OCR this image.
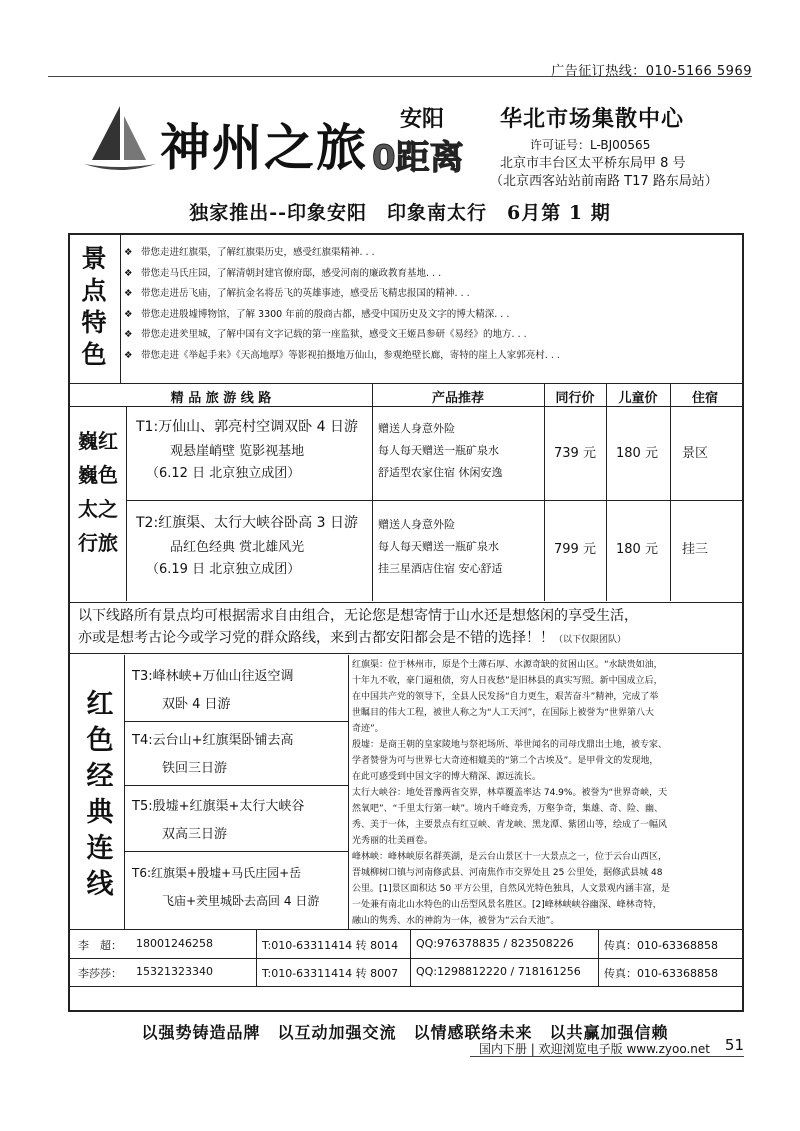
广告征订热线：010-5166 5969
神州之旅 安阳
0距离
华北市场集散中心
许可证号：L-BJ00565
北京市丰台区太平桥东局甲 8 号
（北京西客站站前南路 T17 路东局站）
独家推出--印象安阳　印象南太行　6月第 1 期
景
点
特
色
❖ 带您走进红旗渠，了解红旗渠历史，感受红旗渠精神. . .
❖ 带您走马氏庄园，了解清朝封建官僚府邸，感受河南的廉政教育基地. . .
❖ 带您走进岳飞庙，了解抗金名将岳飞的英雄事迹，感受岳飞精忠报国的精神. . .
❖ 带您走进殷墟博物馆，了解 3300 年前的殷商古都，感受中国历史及文字的博大精深. . .
❖ 带您走进羑里城，了解中国有文字记载的第一座监狱，感受文王姬昌参研《易经》的地方. . .
❖ 带您走进《举起手来》《天高地厚》等影视拍摄地万仙山，参观绝壁长廊，寄特的崖上人家郭亮村. . .
精 品 旅 游 线 路	产品推荐	同行价	儿童价	住宿
巍红
巍色
太之
行旅
T1:万仙山、郭亮村空调双卧 4 日游
观悬崖峭壁 览影视基地
（6.12 日 北京独立成团）
赠送人身意外险
每人每天赠送一瓶矿泉水
舒适型农家住宿 休闲安逸
739 元 180 元 景区
T2:红旗渠、太行大峡谷卧高 3 日游
品红色经典 赏北雄风光
（6.19 日 北京独立成团）
赠送人身意外险
每人每天赠送一瓶矿泉水
挂三星酒店住宿 安心舒适
799 元 180 元 挂三
以下线路所有景点均可根据需求自由组合，无论您是想寄情于山水还是想悠闲的享受生活，
亦或是想考古论今或学习党的群众路线，来到古都安阳都会是不错的选择！！（以下仅限团队）
红
色
经
典
连
线
T3:峰林峡+万仙山往返空调
双卧 4 日游
T4:云台山+红旗渠卧铺去高
铁回三日游
T5:殷墟+红旗渠+太行大峡谷
双高三日游
T6:红旗渠+殷墟+马氏庄园+岳
飞庙+羑里城卧去高回 4 日游
红旗渠：位于林州市，原是个土薄石厚、水源奇缺的贫困山区。“水缺贵如油，
十年九不收，豪门逼租债，穷人日夜愁”是旧林县的真实写照。新中国成立后，
在中国共产党的领导下，全县人民发扬“自力更生，艰苦奋斗”精神，完成了举
世瞩目的伟大工程，被世人称之为“人工天河”，在国际上被誉为“世界第八大
奇迹”。
殷墟：是商王朝的皇家陵地与祭祀场所、举世闻名的司母戊鼎出土地，被专家、
学者赞誉为可与世界七大奇迹相媲美的“第二个古埃及”。是甲骨文的发现地，
在此可感受到中国文字的博大精深、源远流长。
太行大峡谷：地处晋豫两省交界，林草覆盖率达 74.9%。被誉为“世界奇峡，天
然氧吧”、“千里太行第一峡”。境内千峰竞秀，万壑争奇，集雄、奇、险、幽、
秀、美于一体，主要景点有红豆峡、青龙峡、黑龙潭、紫团山等，绘成了一幅风
光秀丽的壮美画卷。
峰林峡：峰林峡原名群英湖，是云台山景区十一大景点之一，位于云台山西区，
晋城柳树口镇与河南修武县、河南焦作市交界处且 25 公里处，据修武县城 48
公里。[1]景区面积达 50 平方公里，自然风光特色独具，人文景观内涵丰富，是
一处兼有南北山水特色的山岳型风景名胜区。[2]峰林峡峡谷幽深、峰林奇特，
融山的隽秀、水的神韵为一体，被誉为“云台天池”。
李　超： 18001246258	T:010-63311414 转 8014 QQ:976378835 / 823508226	传真：010-63368858
李莎莎： 15321323340	T:010-63311414 转 8007 QQ:1298812220 / 718161256 传真：010-63368858
以强势铸造品牌　以互动加强交流　以情感联络未来　以共赢加强信赖
国内下册 | 欢迎浏览电子版 www.zyoo.net 51
